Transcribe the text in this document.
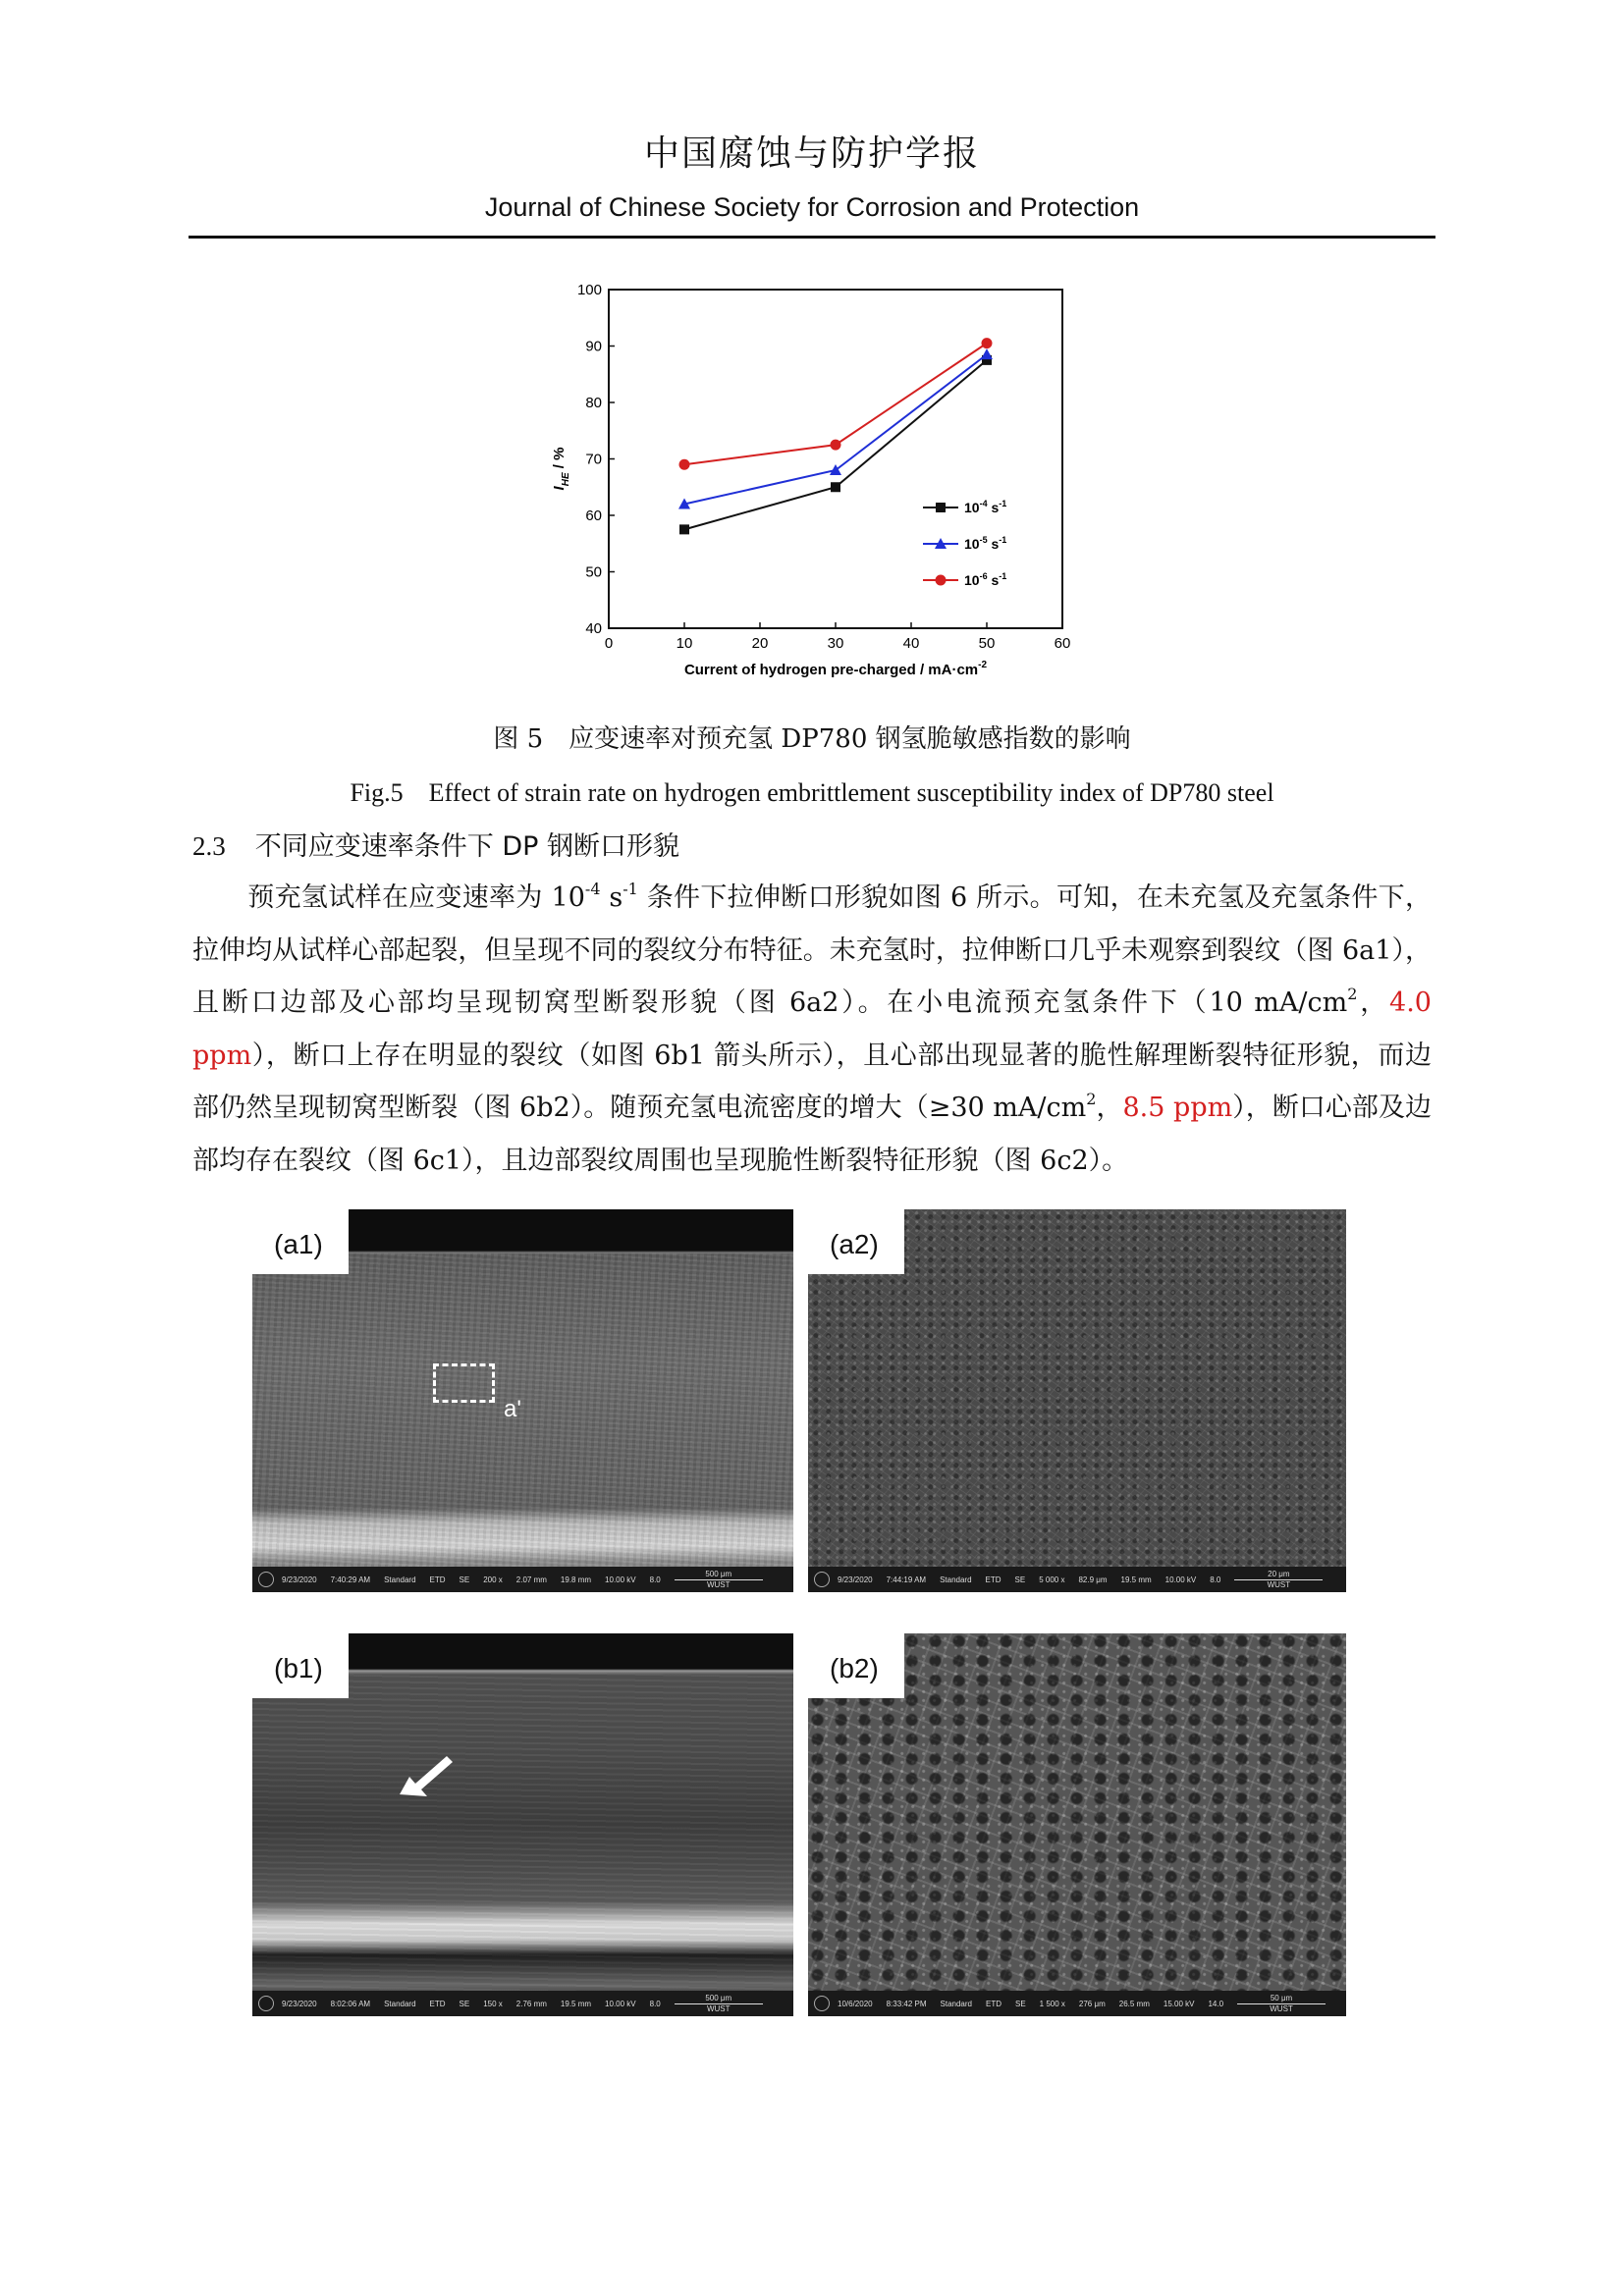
中国腐蚀与防护学报
Journal of Chinese Society for Corrosion and Protection
0	10	20	30	40	50	60
40
50
60
70
80
90
100
Current of hydrogen pre-charged / $mA\cdot cm^{-2}$
$I_{HE}$ / %
$10^{-4}$ $s^{-1}$
$10^{-5}$ $s^{-1}$
$10^{-6}$ $s^{-1}$
图 5　应变速率对预充氢 DP780 钢氢脆敏感指数的影响
Fig.5　Effect of strain rate on hydrogen embrittlement susceptibility index of DP780 steel
2.3 不同应变速率条件下 DP 钢断口形貌
预充氢试样在应变速率为 $10^{-4}$ $s^{-1}$ 条件下拉伸断口形貌如图 6 所示。可知，在未充氢及充氢条件下，拉伸均从试样心部起裂，但呈现不同的裂纹分布特征。未充氢时，拉伸断口几乎未观察到裂纹（图 6a1），且断口边部及心部均呈现韧窝型断裂形貌（图 6a2）。在小电流预充氢条件下（10 $mA/cm^2$，4.0 ppm），断口上存在明显的裂纹（如图 6b1 箭头所示），且心部出现显著的脆性解理断裂特征形貌，而边部仍然呈现韧窝型断裂（图 6b2）。随预充氢电流密度的增大（≥30 $mA/cm^2$，8.5 ppm），断口心部及边部均存在裂纹（图 6c1），且边部裂纹周围也呈现脆性断裂特征形貌（图 6c2）。
a'
(a1)
9/23/2020 7:40:29 AM Standard ETD SE 200 x 2.07 mm 19.8 mm 10.00 kV 8.0
500 μm
WUST
(a2)
9/23/2020 7:44:19 AM Standard ETD SE 5 000 x 82.9 μm 19.5 mm 10.00 kV 8.0
20 μm
WUST
(b1)
9/23/2020 8:02:06 AM Standard ETD SE 150 x 2.76 mm 19.5 mm 10.00 kV 8.0
500 μm
WUST
(b2)
10/6/2020 8:33:42 PM Standard ETD SE 1 500 x 276 μm 26.5 mm 15.00 kV 14.0
50 μm
WUST
